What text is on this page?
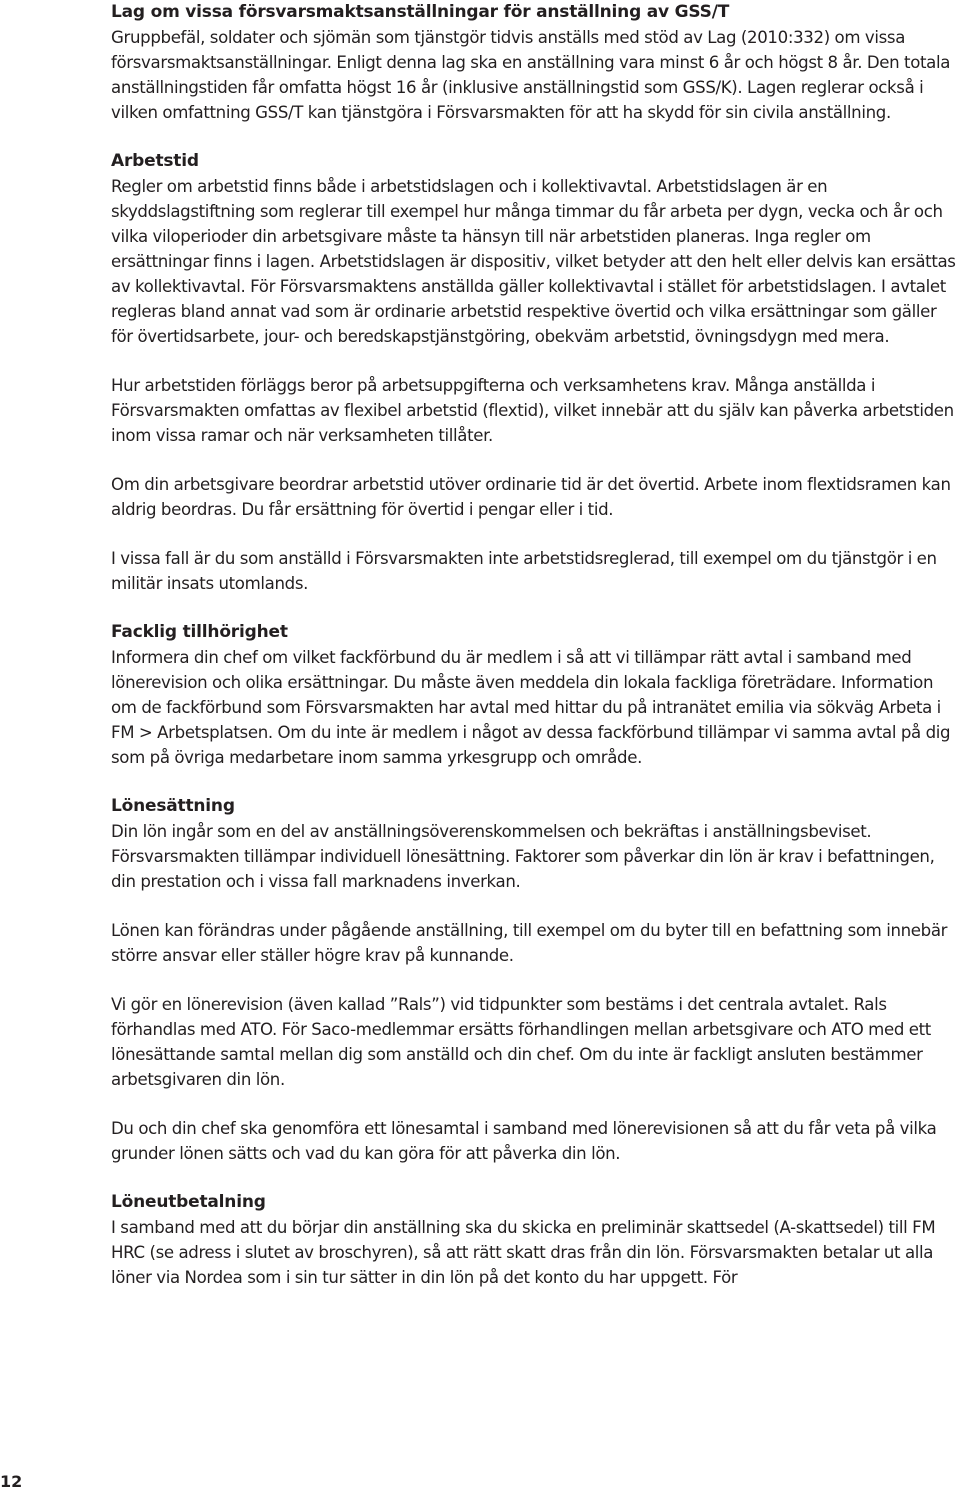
Lag om vissa försvarsmaktsanställningar för anställning av GSS/T

Gruppbefäl, soldater och sjömän som tjänstgör tidvis anställs med stöd av Lag (2010:332) om vissa försvarsmaktsanställningar. Enligt denna lag ska en anställning vara minst 6 år och högst 8 år. Den totala anställningstiden får omfatta högst 16 år (inklusive anställningstid som GSS/K). Lagen reglerar också i vilken omfattning GSS/T kan tjänstgöra i Försvarsmakten för att ha skydd för sin civila anställning.

Arbetstid

Regler om arbetstid finns både i arbetstidslagen och i kollektivavtal. Arbetstidslagen är en skyddslagstiftning som reglerar till exempel hur många timmar du får arbeta per dygn, vecka och år och vilka viloperioder din arbetsgivare måste ta hänsyn till när arbetstiden planeras. Inga regler om ersättningar finns i lagen. Arbetstidslagen är dispositiv, vilket betyder att den helt eller delvis kan ersättas av kollektivavtal. För Försvarsmaktens anställda gäller kollektivavtal i stället för arbetstidslagen. I avtalet regleras bland annat vad som är ordinarie arbetstid respektive övertid och vilka ersättningar som gäller för övertidsarbete, jour- och beredskapstjänstgöring, obekväm arbetstid, övningsdygn med mera.

Hur arbetstiden förläggs beror på arbetsuppgifterna och verksamhetens krav. Många anställda i Försvarsmakten omfattas av flexibel arbetstid (flextid), vilket innebär att du själv kan påverka arbetstiden inom vissa ramar och när verksamheten tillåter.

Om din arbetsgivare beordrar arbetstid utöver ordinarie tid är det övertid. Arbete inom flextidsramen kan aldrig beordras. Du får ersättning för övertid i pengar eller i tid.

I vissa fall är du som anställd i Försvarsmakten inte arbetstidsreglerad, till exempel om du tjänstgör i en militär insats utomlands.

Facklig tillhörighet

Informera din chef om vilket fackförbund du är medlem i så att vi tillämpar rätt avtal i samband med lönerevision och olika ersättningar. Du måste även meddela din lokala fackliga företrädare. Information om de fackförbund som Försvarsmakten har avtal med hittar du på intranätet emilia via sökväg Arbeta i FM > Arbetsplatsen. Om du inte är medlem i något av dessa fackförbund tillämpar vi samma avtal på dig som på övriga medarbetare inom samma yrkesgrupp och område.

Lönesättning

Din lön ingår som en del av anställningsöverenskommelsen och bekräftas i anställningsbeviset. Försvarsmakten tillämpar individuell lönesättning. Faktorer som påverkar din lön är krav i befattningen, din prestation och i vissa fall marknadens inverkan.

Lönen kan förändras under pågående anställning, till exempel om du byter till en befattning som innebär större ansvar eller ställer högre krav på kunnande.

Vi gör en lönerevision (även kallad ”Rals”) vid tidpunkter som bestäms i det centrala avtalet. Rals förhandlas med ATO. För Saco-medlemmar ersätts förhandlingen mellan arbetsgivare och ATO med ett lönesättande samtal mellan dig som anställd och din chef. Om du inte är fackligt ansluten bestämmer arbetsgivaren din lön.

Du och din chef ska genomföra ett lönesamtal i samband med lönerevisionen så att du får veta på vilka grunder lönen sätts och vad du kan göra för att påverka din lön.

Löneutbetalning

I samband med att du börjar din anställning ska du skicka en preliminär skattsedel (A-skattsedel) till FM HRC (se adress i slutet av broschyren), så att rätt skatt dras från din lön. Försvarsmakten betalar ut alla löner via Nordea som i sin tur sätter in din lön på det konto du har uppgett. För

12
